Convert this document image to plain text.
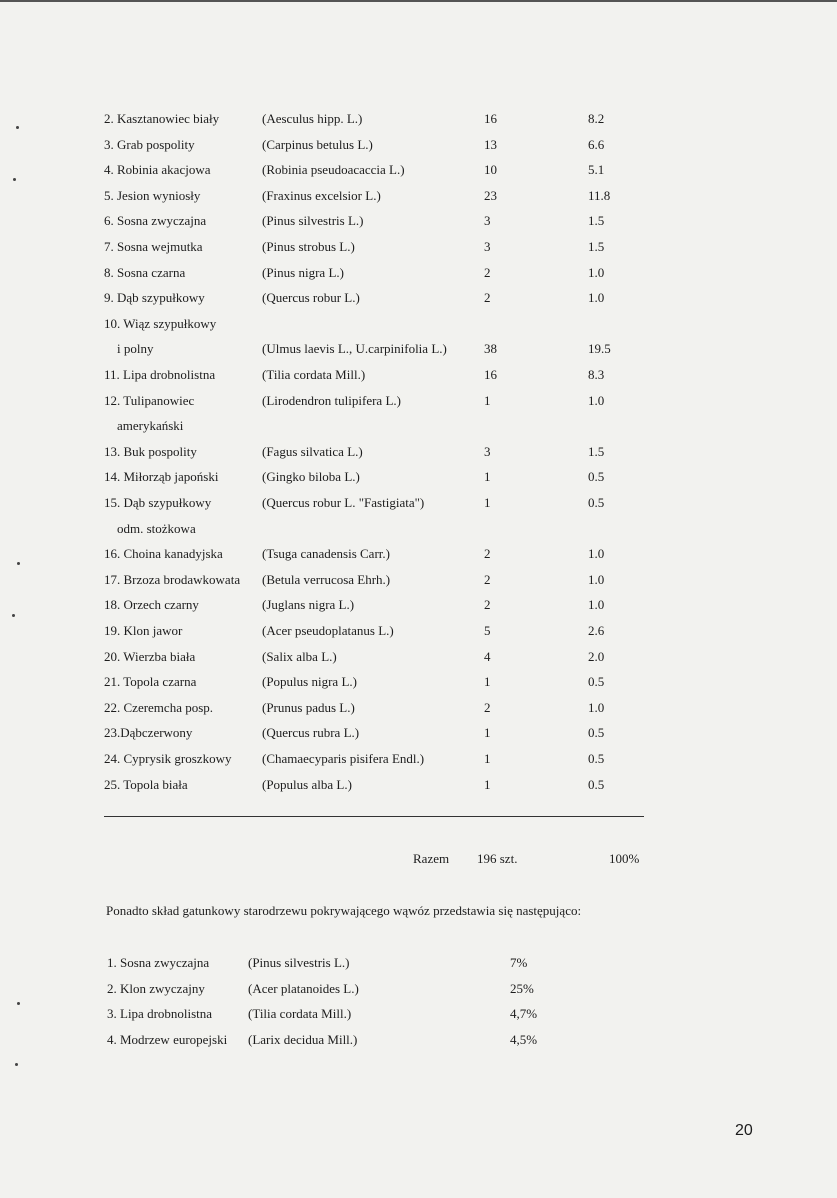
2. Kasztanowiec biały	(Aesculus hipp. L.)	16	8.2
3. Grab pospolity	(Carpinus betulus L.)	13	6.6
4. Robinia akacjowa	(Robinia pseudoacaccia L.)	10	5.1
5. Jesion wyniosły	(Fraxinus excelsior L.)	23	11.8
6. Sosna zwyczajna	(Pinus silvestris L.)	3	1.5
7. Sosna wejmutka	(Pinus strobus L.)	3	1.5
8. Sosna czarna	(Pinus nigra L.)	2	1.0
9. Dąb szypułkowy	(Quercus robur L.)	2	1.0
10. Wiąz szypułkowy
i polny	(Ulmus laevis L., U.carpinifolia L.)	38	19.5
11. Lipa drobnolistna	(Tilia cordata Mill.)	16	8.3
12. Tulipanowiec	(Lirodendron tulipifera L.)	1	1.0
amerykański
13. Buk pospolity	(Fagus silvatica L.)	3	1.5
14. Miłorząb japoński	(Gingko biloba L.)	1	0.5
15. Dąb szypułkowy	(Quercus robur L. "Fastigiata")	1	0.5
odm. stożkowa
16. Choina kanadyjska	(Tsuga canadensis Carr.)	2	1.0
17. Brzoza brodawkowata (Betula verrucosa Ehrh.)	2	1.0
18. Orzech czarny	(Juglans nigra L.)	2	1.0
19. Klon jawor	(Acer pseudoplatanus L.)	5	2.6
20. Wierzba biała	(Salix alba L.)	4	2.0
21. Topola czarna	(Populus nigra L.)	1	0.5
22. Czeremcha posp.	(Prunus padus L.)	2	1.0
23.Dąbczerwony	(Quercus rubra L.)	1	0.5
24. Cyprysik groszkowy (Chamaecyparis pisifera Endl.)	1	0.5
25. Topola biała	(Populus alba L.)	1	0.5
Razem 196 szt.	100%
Ponadto skład gatunkowy starodrzewu pokrywającego wąwóz przedstawia się następująco:
1. Sosna zwyczajna	(Pinus silvestris L.)	7%
2. Klon zwyczajny	(Acer platanoides L.)	25%
3. Lipa drobnolistna	(Tilia cordata Mill.)	4,7%
4. Modrzew europejski (Larix decidua Mill.)	4,5%
20
